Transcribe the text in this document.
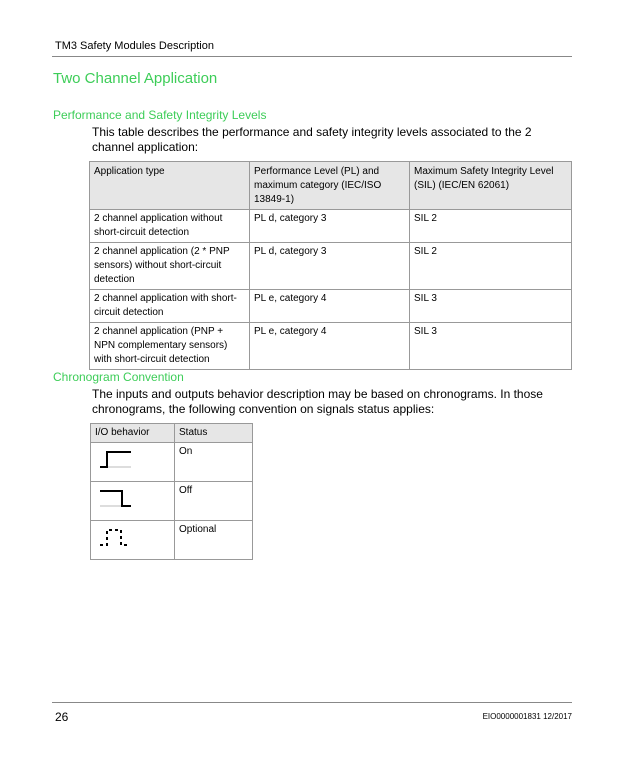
TM3 Safety Modules Description
Two Channel Application
Performance and Safety Integrity Levels
This table describes the performance and safety integrity levels associated to the 2 channel application:
Application type	Performance Level (PL) and maximum category (IEC/ISO 13849-1)	Maximum Safety Integrity Level (SIL) (IEC/EN 62061)
2 channel application without short-circuit detection	PL d, category 3	SIL 2
2 channel application (2 * PNP sensors) without short-circuit detection	PL d, category 3	SIL 2
2 channel application with short-circuit detection	PL e, category 4	SIL 3
2 channel application (PNP + NPN complementary sensors) with short-circuit detection	PL e, category 4	SIL 3
Chronogram Convention
The inputs and outputs behavior description may be based on chronograms. In those chronograms, the following convention on signals status applies:
I/O behavior	Status

	On

	Off

	Optional
26	EIO0000001831 12/2017
